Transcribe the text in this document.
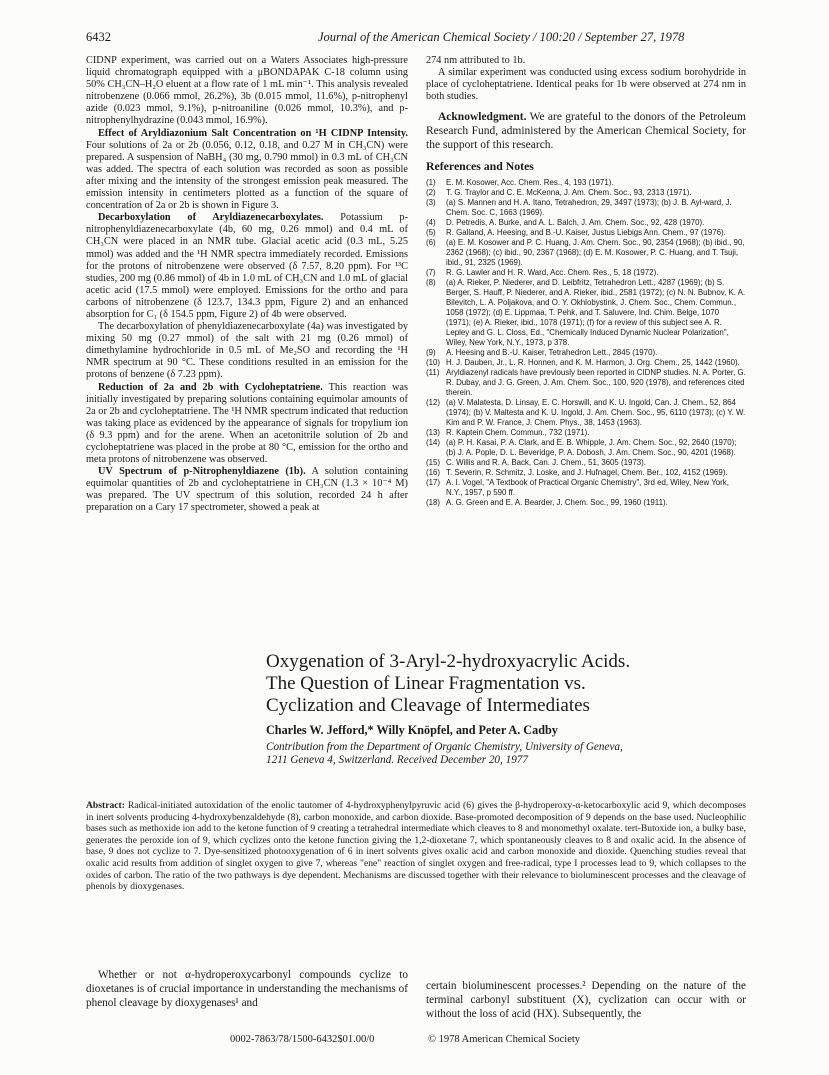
6432	Journal of the American Chemical Society / 100:20 / September 27, 1978

CIDNP experiment, was carried out on a Waters Associates high-pressure liquid chromatograph equipped with a μBONDAPAK C-18 column using 50% CH₃CN–H₂O eluent at a flow rate of 1 mL min⁻¹. This analysis revealed nitrobenzene (0.066 mmol, 26.2%), 3b (0.015 mmol, 11.6%), p-nitrophenyl azide (0.023 mmol, 9.1%), p-nitroaniline (0.026 mmol, 10.3%), and p-nitrophenylhydrazine (0.043 mmol, 16.9%).

Effect of Aryldiazonium Salt Concentration on ¹H CIDNP Intensity. Four solutions of 2a or 2b (0.056, 0.12, 0.18, and 0.27 M in CH₃CN) were prepared. A suspension of NaBH₄ (30 mg, 0.790 mmol) in 0.3 mL of CH₃CN was added. The spectra of each solution was recorded as soon as possible after mixing and the intensity of the strongest emission peak measured. The emission intensity in centimeters plotted as a function of the square of concentration of 2a or 2b is shown in Figure 3.

Decarboxylation of Aryldiazenecarboxylates. Potassium p-nitrophenyldiazenecarboxylate (4b, 60 mg, 0.26 mmol) and 0.4 mL of CH₃CN were placed in an NMR tube. Glacial acetic acid (0.3 mL, 5.25 mmol) was added and the ¹H NMR spectra immediately recorded. Emissions for the protons of nitrobenzene were observed (δ 7.57, 8.20 ppm). For ¹³C studies, 200 mg (0.86 mmol) of 4b in 1.0 mL of CH₃CN and 1.0 mL of glacial acetic acid (17.5 mmol) were employed. Emissions for the ortho and para carbons of nitrobenzene (δ 123.7, 134.3 ppm, Figure 2) and an enhanced absorption for C₁ (δ 154.5 ppm, Figure 2) of 4b were observed.

The decarboxylation of phenyldiazenecarboxylate (4a) was investigated by mixing 50 mg (0.27 mmol) of the salt with 21 mg (0.26 mmol) of dimethylamine hydrochloride in 0.5 mL of Me₂SO and recording the ¹H NMR spectrum at 90 °C. These conditions resulted in an emission for the protons of benzene (δ 7.23 ppm).

Reduction of 2a and 2b with Cycloheptatriene. This reaction was initially investigated by preparing solutions containing equimolar amounts of 2a or 2b and cycloheptatriene. The ¹H NMR spectrum indicated that reduction was taking place as evidenced by the appearance of signals for tropylium ion (δ 9.3 ppm) and for the arene. When an acetonitrile solution of 2b and cycloheptatriene was placed in the probe at 80 °C, emission for the ortho and meta protons of nitrobenzene was observed.

UV Spectrum of p-Nitrophenyldiazene (1b). A solution containing equimolar quantities of 2b and cycloheptatriene in CH₃CN (1.3 × 10⁻⁴ M) was prepared. The UV spectrum of this solution, recorded 24 h after preparation on a Cary 17 spectrometer, showed a peak at

274 nm attributed to 1b.

A similar experiment was conducted using excess sodium borohydride in place of cycloheptatriene. Identical peaks for 1b were observed at 274 nm in both studies.

Acknowledgment. We are grateful to the donors of the Petroleum Research Fund, administered by the American Chemical Society, for the support of this research.

References and Notes
(1)	E. M. Kosower, Acc. Chem. Res., 4, 193 (1971).
(2)	T. G. Traylor and C. E. McKenna, J. Am. Chem. Soc., 93, 2313 (1971).
(3)	(a) S. Mannen and H. A. Itano, Tetrahedron, 29, 3497 (1973); (b) J. B. Ayl-ward, J. Chem. Soc. C, 1663 (1969).
(4)	D. Petredis, A. Burke, and A. L. Balch, J. Am. Chem. Soc., 92, 428 (1970).
(5)	R. Galland, A. Heesing, and B.-U. Kaiser, Justus Liebigs Ann. Chem., 97 (1976).
(6)	(a) E. M. Kosower and P. C. Huang, J. Am. Chem. Soc., 90, 2354 (1968); (b) ibid., 90, 2362 (1968); (c) ibid., 90, 2367 (1968); (d) E. M. Kosower, P. C. Huang, and T. Tsuji, ibid., 91, 2325 (1969).
(7)	R. G. Lawler and H. R. Ward, Acc. Chem. Res., 5, 18 (1972).
(8)	(a) A. Rieker, P. Niederer, and D. Leibfritz, Tetrahedron Lett., 4287 (1969); (b) S. Berger, S. Hauff, P. Niederer, and A. Rieker, ibid., 2581 (1972); (c) N. N. Bubnov, K. A. Bilevitch, L. A. Poljakova, and O. Y. Okhlobystink, J. Chem. Soc., Chem. Commun., 1058 (1972); (d) E. Lippmaa, T. Pehk, and T. Saluvere, Ind. Chim. Belge, 1070 (1971); (e) A. Rieker, ibid., 1078 (1971); (f) for a review of this subject see A. R. Lepley and G. L. Closs, Ed., "Chemically Induced Dynamic Nuclear Polarization", Wiley, New York, N.Y., 1973, p 378.
(9)	A. Heesing and B.-U. Kaiser, Tetrahedron Lett., 2845 (1970).
(10) H. J. Dauben, Jr., L. R. Honnen, and K. M. Harmon, J. Org. Chem., 25, 1442 (1960).
(11) Aryldiazenyl radicals have previously been reported in CIDNP studies. N. A. Porter, G. R. Dubay, and J. G. Green, J. Am. Chem. Soc., 100, 920 (1978), and references cited therein.
(12) (a) V. Malatesta, D. Linsay, E. C. Horswill, and K. U. Ingold, Can. J. Chem., 52, 864 (1974); (b) V. Maltesta and K. U. Ingold, J. Am. Chem. Soc., 95, 6110 (1973); (c) Y. W. Kim and P. W. France, J. Chem. Phys., 38, 1453 (1963).
(13) R. Kaptein Chem. Commun., 732 (1971).
(14) (a) P. H. Kasai, P. A. Clark, and E. B. Whipple, J. Am. Chem. Soc., 92, 2640 (1970); (b) J. A. Pople, D. L. Beveridge, P. A. Dobosh, J. Am. Chem. Soc., 90, 4201 (1968).
(15) C. Willis and R. A. Back, Can. J. Chem., 51, 3605 (1973).
(16) T. Severin, R. Schmitz, J. Loske, and J. Hufnagel, Chem. Ber., 102, 4152 (1969).
(17) A. I. Vogel, "A Textbook of Practical Organic Chemistry", 3rd ed, Wiley, New York, N.Y., 1957, p 590 ff.
(18) A. G. Green and E. A. Bearder, J. Chem. Soc., 99, 1960 (1911).
Oxygenation of 3-Aryl-2-hydroxyacrylic Acids.
The Question of Linear Fragmentation vs.
Cyclization and Cleavage of Intermediates
Charles W. Jefford,* Willy Knöpfel, and Peter A. Cadby
Contribution from the Department of Organic Chemistry, University of Geneva,
1211 Geneva 4, Switzerland. Received December 20, 1977
Abstract: Radical-initiated autoxidation of the enolic tautomer of 4-hydroxyphenylpyruvic acid (6) gives the β-hydroperoxy-α-ketocarboxylic acid 9, which decomposes in inert solvents producing 4-hydroxybenzaldehyde (8), carbon monoxide, and carbon dioxide. Base-promoted decomposition of 9 depends on the base used. Nucleophilic bases such as methoxide ion add to the ketone function of 9 creating a tetrahedral intermediate which cleaves to 8 and monomethyl oxalate. tert-Butoxide ion, a bulky base, generates the peroxide ion of 9, which cyclizes onto the ketone function giving the 1,2-dioxetane 7, which spontaneously cleaves to 8 and oxalic acid. In the absence of base, 9 does not cyclize to 7. Dye-sensitized photooxygenation of 6 in inert solvents gives oxalic acid and carbon monoxide and dioxide. Quenching studies reveal that oxalic acid results from addition of singlet oxygen to give 7, whereas "ene" reaction of singlet oxygen and free-radical, type I processes lead to 9, which collapses to the oxides of carbon. The ratio of the two pathways is dye dependent. Mechanisms are discussed together with their relevance to bioluminescent processes and the cleavage of phenols by dioxygenases.

Whether or not α-hydroperoxycarbonyl compounds cyclize to dioxetanes is of crucial importance in understanding the mechanisms of phenol cleavage by dioxygenases¹ and

certain bioluminescent processes.² Depending on the nature of the terminal carbonyl substituent (X), cyclization can occur with or without the loss of acid (HX). Subsequently, the

0002-7863/78/1500-6432$01.00/0	© 1978 American Chemical Society
